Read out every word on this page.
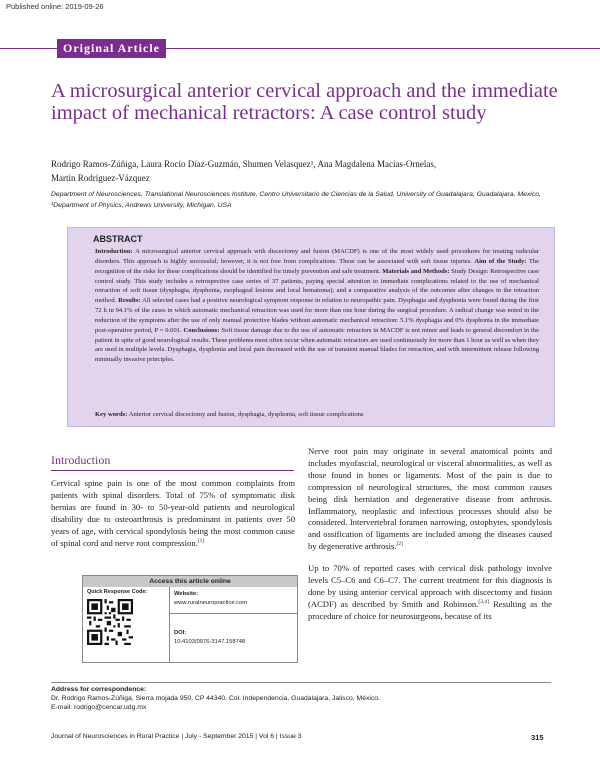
Published online: 2019-09-26
Original Article
A microsurgical anterior cervical approach and the immediate impact of mechanical retractors: A case control study
Rodrigo Ramos-Zúñiga, Laura Rocío Díaz-Guzmán, Shumen Velasquez¹, Ana Magdalena Macías-Ornelas,
Martín Rodríguez-Vázquez
Department of Neurosciences, Translational Neurosciences Institute, Centro Universitario de Ciencias de la Salud, University of Guadalajara, Guadalajara, Mexico, ¹Department of Physics, Andrews University, Michigan, USA
ABSTRACT
Introduction: A microsurgical anterior cervical approach with discectomy and fusion (MACDF) is one of the most widely used procedures for treating radicular disorders. This approach is highly successful; however, it is not free from complications. These can be associated with soft tissue injuries. Aim of the Study: The recognition of the risks for these complications should be identified for timely prevention and safe treatment. Materials and Methods: Study Design: Retrospective case control study. This study includes a retrospective case series of 37 patients, paying special attention to immediate complications related to the use of mechanical retraction of soft tissue (dysphagia, dysphonia, esophageal lesions and local hematoma); and a comparative analysis of the outcomes after changes in the retraction method. Results: All selected cases had a positive neurological symptom response in relation to neuropathic pain. Dysphagia and dysphonia were found during the first 72 h in 94.1% of the cases in which automatic mechanical retraction was used for more than one hour during the surgical procedure. A radical change was noted in the reduction of the symptoms after the use of only manual protective blades without automatic mechanical retraction: 5.1% dysphagia and 0% dysphonia in the immediate post-operative period, P = 0.001. Conclusions: Soft tissue damage due to the use of automatic retractors in MACDF is not minor and leads to general discomfort in the patient in spite of good neurological results. These problems most often occur when automatic retractors are used continuously for more than 1 hour as well as when they are used in multiple levels. Dysphagia, dysphonia and local pain decreased with the use of transient manual blades for retraction, and with intermittent release following minimally invasive principles.
Key words: Anterior cervical discectomy and fusion, dysphagia, dysphonia, soft tissue complications
Introduction
Cervical spine pain is one of the most common complaints from patients with spinal disorders. Total of 75% of symptomatic disk hernias are found in 30- to 50-year-old patients and neurological disability due to osteoarthrosis is predominant in patients over 50 years of age, with cervical spondylosis being the most common cause of spinal cord and nerve root compression.[1]
Access this article online
Quick Response Code:	Website:
www.ruralneuropractice.com
DOI:
10.4103/0976-3147.158748

Nerve root pain may originate in several anatomical points and includes myofascial, neurological or visceral abnormalities, as well as those found in bones or ligaments. Most of the pain is due to compression of neurological structures, the most common causes being disk herniation and degenerative disease from arthrosis. Inflammatory, neoplastic and infectious processes should also be considered. Intervertebral foramen narrowing, ostophytes, spondylosis and ossification of ligaments are included among the diseases caused by degenerative arthrosis.[2]

Up to 70% of reported cases with cervical disk pathology involve levels C5–C6 and C6–C7. The current treatment for this diagnosis is done by using anterior cervical approach with discectomy and fusion (ACDF) as described by Smith and Robinson.[3,4] Resulting as the procedure of choice for neurosurgeons, because of its

Address for correspondence:
Dr. Rodrigo Ramos-Zúñiga, Sierra mojada 950, CP 44340, Col. Independencia, Guadalajara, Jalisco, México.
E-mail: rodrigo@cencar.udg.mx
Journal of Neurosciences in Rural Practice | July - September 2015 | Vol 6 | Issue 3	315
